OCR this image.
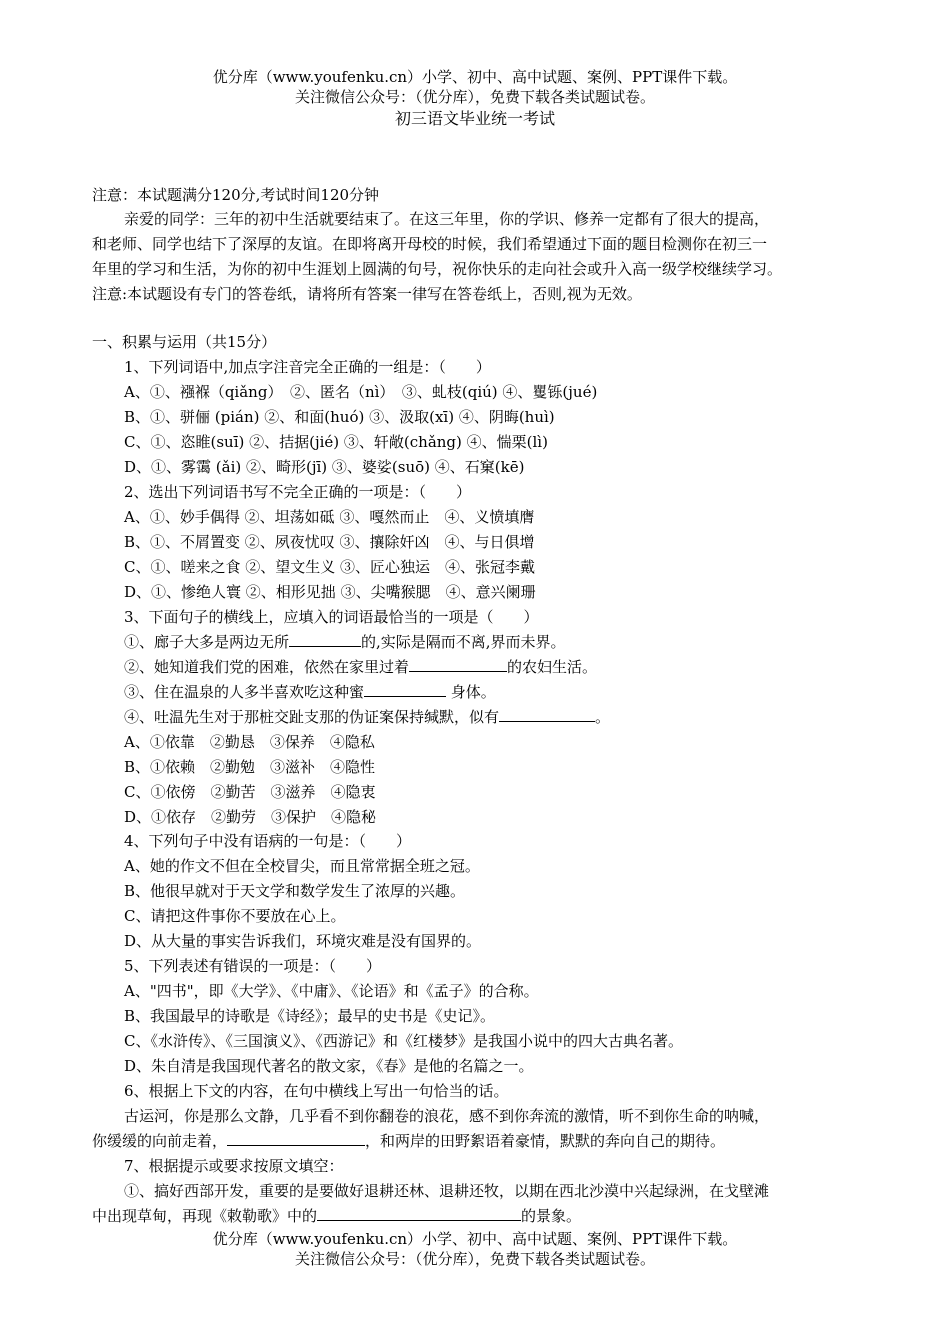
优分库（www.youfenku.cn）小学、初中、高中试题、案例、PPT课件下载。
关注微信公众号：（优分库），免费下载各类试题试卷。
初三语文毕业统一考试
注意：本试题满分120分,考试时间120分钟
亲爱的同学：三年的初中生活就要结束了。在这三年里，你的学识、修养一定都有了很大的提高，
和老师、同学也结下了深厚的友谊。在即将离开母校的时候，我们希望通过下面的题目检测你在初三一
年里的学习和生活，为你的初中生涯划上圆满的句号，祝你快乐的走向社会或升入高一级学校继续学习。
注意:本试题设有专门的答卷纸，请将所有答案一律写在答卷纸上，否则,视为无效。
一、积累与运用（共15分）
1、下列词语中,加点字注音完全正确的一组是：（　　）
A、①、襁褓（qiǎng）　②、匿名（nì）　③、虬枝(qiú) ④、矍铄(jué)
B、①、骈俪 (pián) ②、和面(huó) ③、汲取(xī) ④、阴晦(huì)
C、①、恣睢(suī) ②、拮据(jié) ③、轩敞(chǎng) ④、惴栗(lì)
D、①、雾霭 (ǎi) ②、畸形(jī) ③、婆娑(suō) ④、石窠(kē)
2、选出下列词语书写不完全正确的一项是：（　　）
A、①、妙手偶得 ②、坦荡如砥 ③、嘎然而止　④、义愤填膺
B、①、不屑置变 ②、夙夜忧叹 ③、攘除奸凶　④、与日俱增
C、①、嗟来之食 ②、望文生义 ③、匠心独运　④、张冠李戴
D、①、惨绝人寰 ②、相形见拙 ③、尖嘴猴腮　④、意兴阑珊
3、下面句子的横线上，应填入的词语最恰当的一项是（　　）
①、廊子大多是两边无所	的,实际是隔而不离,界而未界。
②、她知道我们党的困难，依然在家里过着	的农妇生活。
③、住在温泉的人多半喜欢吃这种蜜	身体。
④、吐温先生对于那桩交趾支那的伪证案保持缄默，似有	。
A、①依靠　②勤恳　③保养　④隐私
B、①依赖　②勤勉　③滋补　④隐性
C、①依傍　②勤苦　③滋养　④隐衷
D、①依存　②勤劳　③保护　④隐秘
4、下列句子中没有语病的一句是：（　　）
A、她的作文不但在全校冒尖，而且常常据全班之冠。
B、他很早就对于天文学和数学发生了浓厚的兴趣。
C、请把这件事你不要放在心上。
D、从大量的事实告诉我们，环境灾难是没有国界的。
5、下列表述有错误的一项是：（　　）
A、"四书"，即《大学》、《中庸》、《论语》和《孟子》的合称。
B、我国最早的诗歌是《诗经》；最早的史书是《史记》。
C、《水浒传》、《三国演义》、《西游记》和《红楼梦》是我国小说中的四大古典名著。
D、朱自清是我国现代著名的散文家，《春》是他的名篇之一。
6、根据上下文的内容，在句中横线上写出一句恰当的话。
古运河，你是那么文静，几乎看不到你翻卷的浪花，感不到你奔流的激情，听不到你生命的呐喊，
你缓缓的向前走着，	，和两岸的田野絮语着豪情，默默的奔向自己的期待。
7、根据提示或要求按原文填空：
①、搞好西部开发，重要的是要做好退耕还林、退耕还牧，以期在西北沙漠中兴起绿洲，在戈壁滩
中出现草甸，再现《敕勒歌》中的	的景象。
优分库（www.youfenku.cn）小学、初中、高中试题、案例、PPT课件下载。
关注微信公众号：（优分库），免费下载各类试题试卷。
